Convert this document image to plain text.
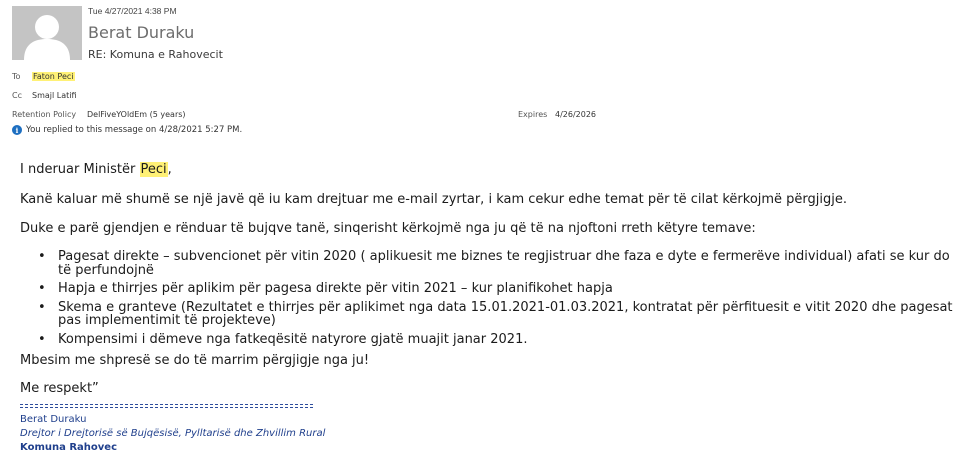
Tue 4/27/2021 4:38 PM
Berat Duraku
RE: Komuna e Rahovecit
To Faton Peci
Cc Smajl Latifi
Retention Policy DelFiveYOldEm (5 years)	Expires 4/26/2026
i You replied to this message on 4/28/2021 5:27 PM.

I nderuar Ministër Peci,

Kanë kaluar më shumë se një javë që iu kam drejtuar me e-mail zyrtar, i kam cekur edhe temat për të cilat kërkojmë përgjigje.

Duke e parë gjendjen e rënduar të bujqve tanë, sinqerisht kërkojmë nga ju që të na njoftoni rreth këtyre temave:

• Pagesat direkte – subvencionet për vitin 2020 ( aplikuesit me biznes te regjistruar dhe faza e dyte e fermerëve individual) afati se kur do të perfundojnë
• Hapja e thirrjes për aplikim për pagesa direkte për vitin 2021 – kur planifikohet hapja
• Skema e granteve (Rezultatet e thirrjes për aplikimet nga data 15.01.2021-01.03.2021, kontratat për përfituesit e vitit 2020 dhe pagesat pas implementimit të projekteve)
• Kompensimi i dëmeve nga fatkeqësitë natyrore gjatë muajit janar 2021.

Mbesim me shpresë se do të marrim përgjigje nga ju!

Me respekt”

Berat Duraku
Drejtor i Drejtorisë së Bujqësisë, Pylltarisë dhe Zhvillim Rural
Komuna Rahovec
